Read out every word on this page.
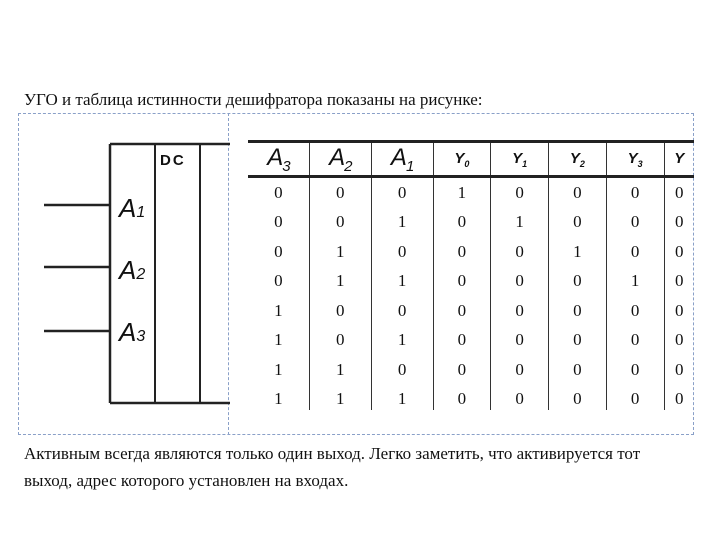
УГО и таблица истинности дешифратора показаны на рисунке:
DC
A1
A2
A3
$A_3$	$A_2$	$A_1$	$Y_0$	$Y_1$	$Y_2$	$Y_3$	Y
0	0	0	1	0	0	0	0
0	0	1	0	1	0	0	0
0	1	0	0	0	1	0	0
0	1	1	0	0	0	1	0
1	0	0	0	0	0	0	0
1	0	1	0	0	0	0	0
1	1	0	0	0	0	0	0
1	1	1	0	0	0	0	0
Активным всегда являются только один выход. Легко заметить, что активируется тот выход, адрес которого установлен на входах.
